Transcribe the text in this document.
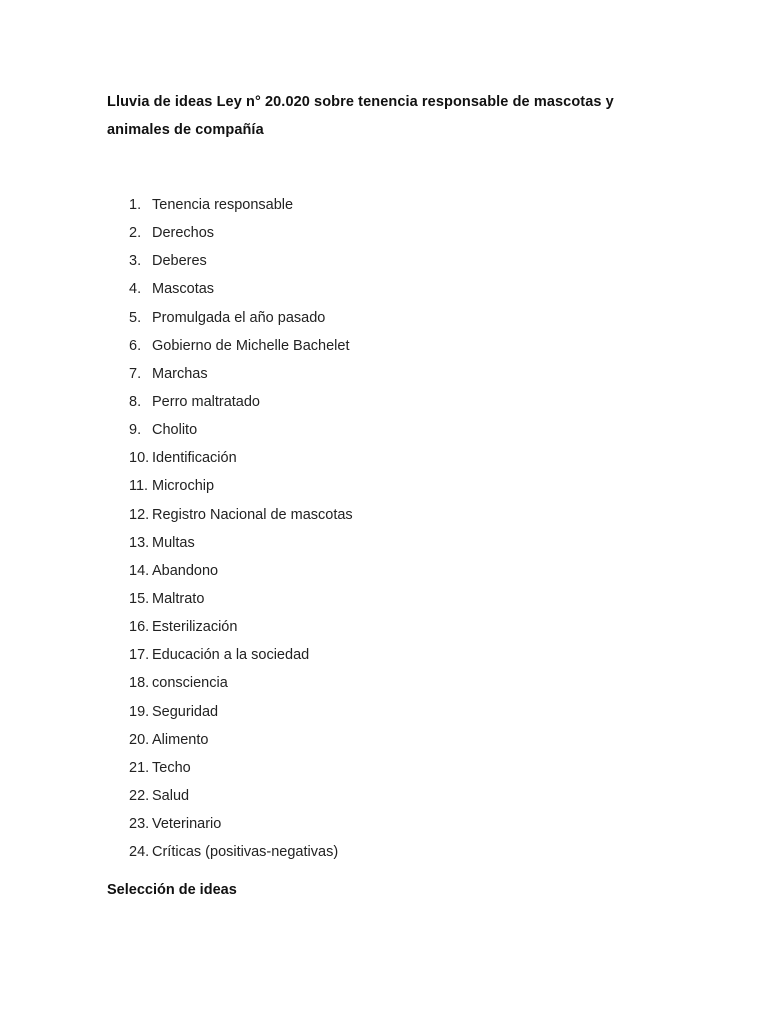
Lluvia de ideas Ley n° 20.020 sobre tenencia responsable de mascotas y animales de compañía
1. Tenencia responsable
2. Derechos
3. Deberes
4. Mascotas
5. Promulgada el año pasado
6. Gobierno de Michelle Bachelet
7. Marchas
8. Perro maltratado
9. Cholito
10. Identificación
11. Microchip
12. Registro Nacional de mascotas
13. Multas
14. Abandono
15. Maltrato
16. Esterilización
17. Educación a la sociedad
18. consciencia
19. Seguridad
20. Alimento
21. Techo
22. Salud
23. Veterinario
24. Críticas (positivas-negativas)
Selección de ideas
